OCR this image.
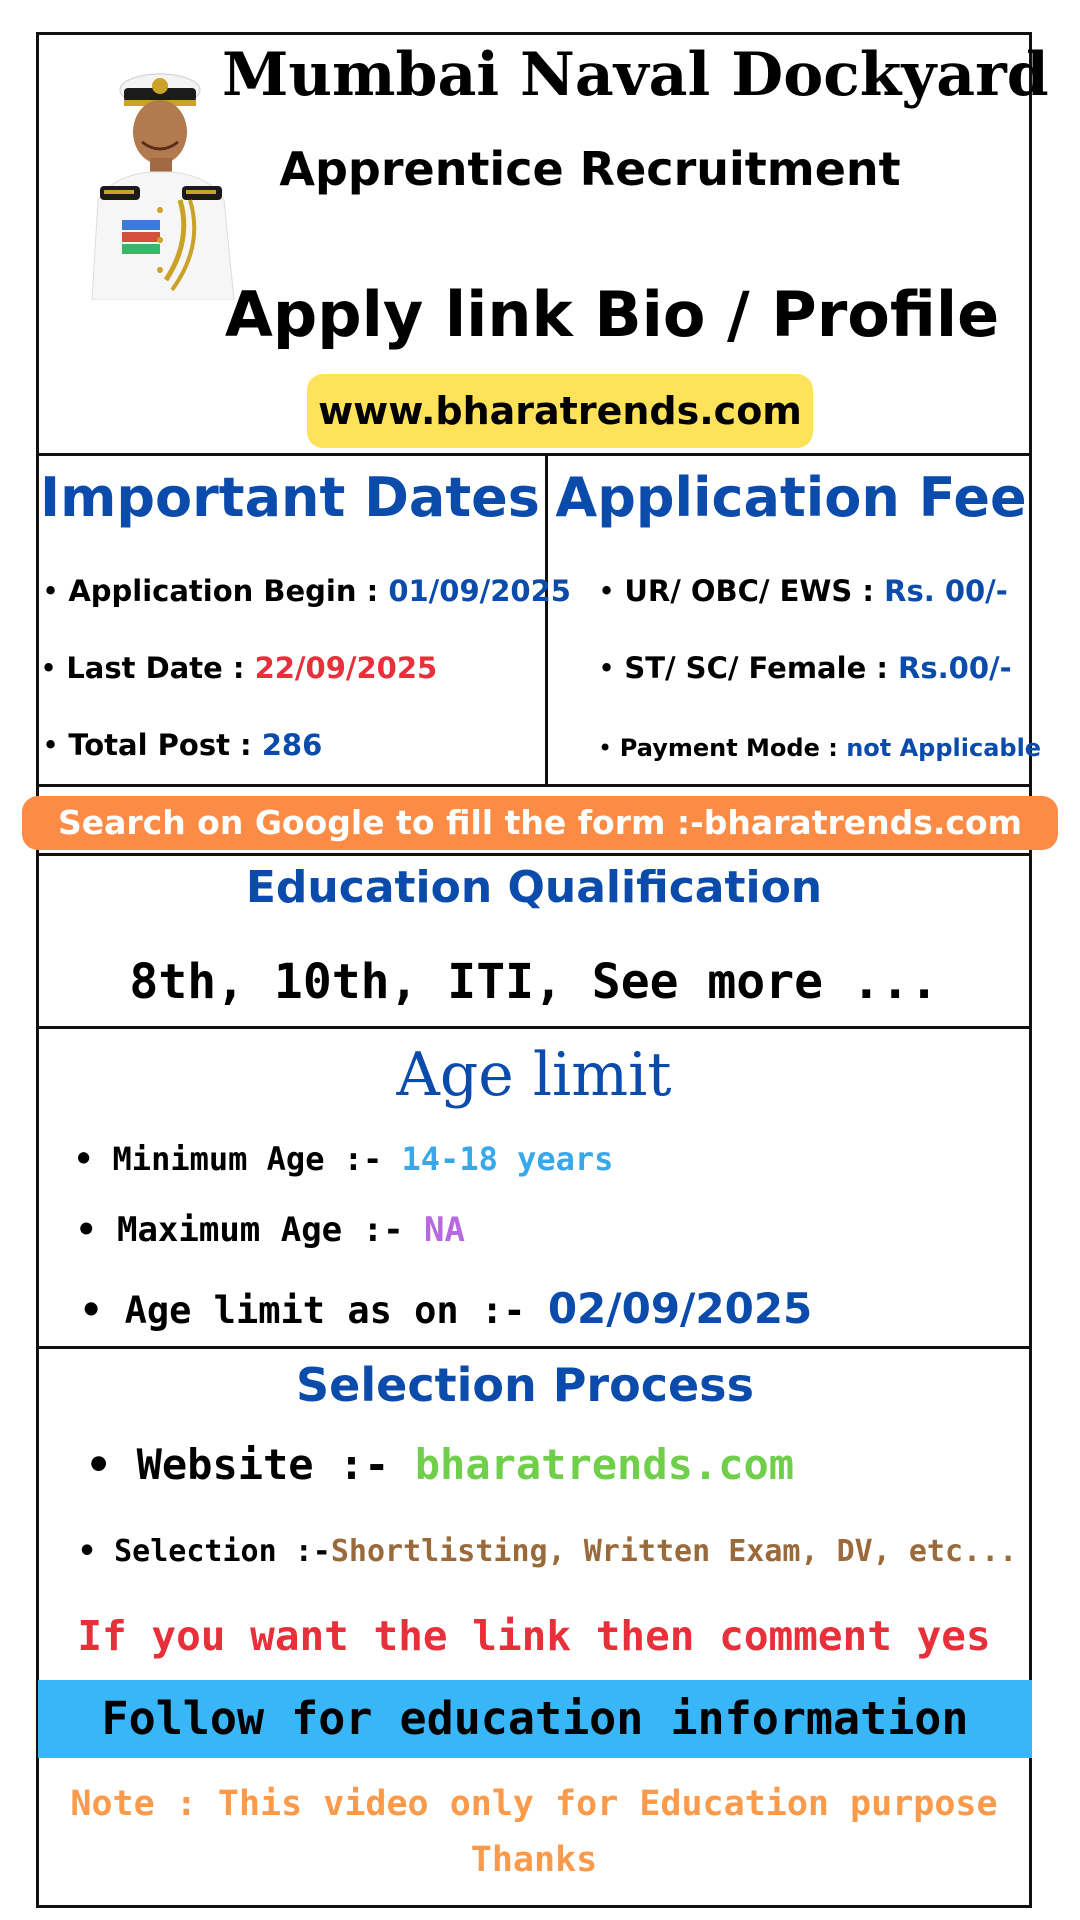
Mumbai Naval Dockyard
Apprentice Recruitment
Apply link Bio / Profile
www.bharatrends.com
Important Dates
• Application Begin : 01/09/2025
• Last Date : 22/09/2025
• Total Post : 286
Application Fee
• UR/ OBC/ EWS : Rs. 00/-
• ST/ SC/ Female : Rs.00/-
• Payment Mode : not Applicable
Search on Google to fill the form :-bharatrends.com
Education Qualification
8th, 10th, ITI, See more ...
Age limit
• Minimum Age :- 14-18 years
• Maximum Age :- NA
• Age limit as on :- 02/09/2025
Selection Process
• Website :- bharatrends.com
• Selection :-Shortlisting, Written Exam, DV, etc...
If you want the link then comment yes
Follow for education information
Note : This video only for Education purpose
Thanks
